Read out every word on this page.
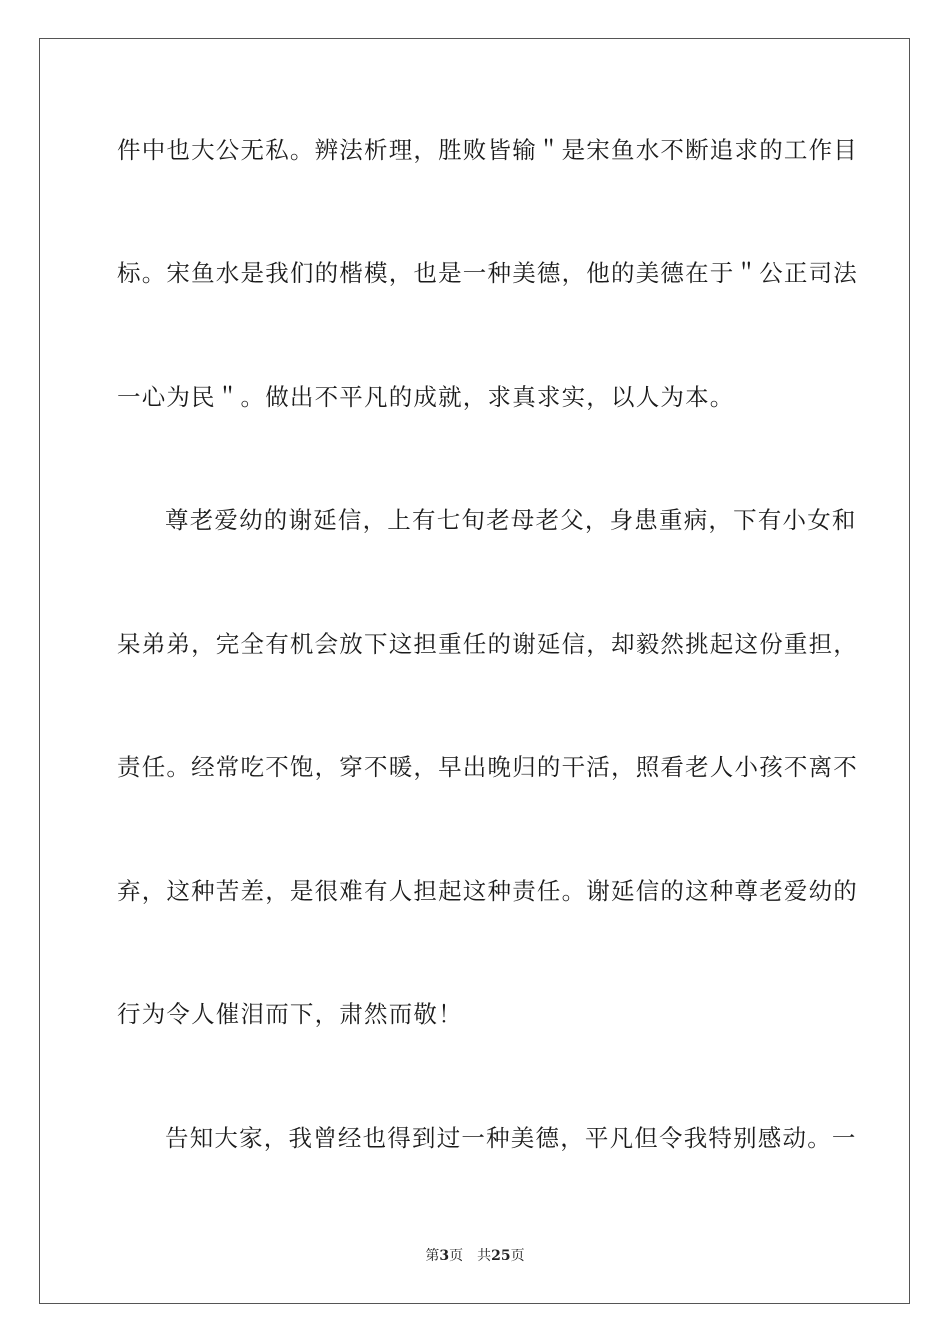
件中也大公无私。辨法析理，胜败皆输＂是宋鱼水不断追求的工作目
标。宋鱼水是我们的楷模，也是一种美德，他的美德在于＂公正司法
一心为民＂。做出不平凡的成就，求真求实，以人为本。
尊老爱幼的谢延信，上有七旬老母老父，身患重病，下有小女和
呆弟弟，完全有机会放下这担重任的谢延信，却毅然挑起这份重担，
责任。经常吃不饱，穿不暖，早出晚归的干活，照看老人小孩不离不
弃，这种苦差，是很难有人担起这种责任。谢延信的这种尊老爱幼的
行为令人催泪而下，肃然而敬！
告知大家，我曾经也得到过一种美德，平凡但令我特别感动。一
第3页 共25页
